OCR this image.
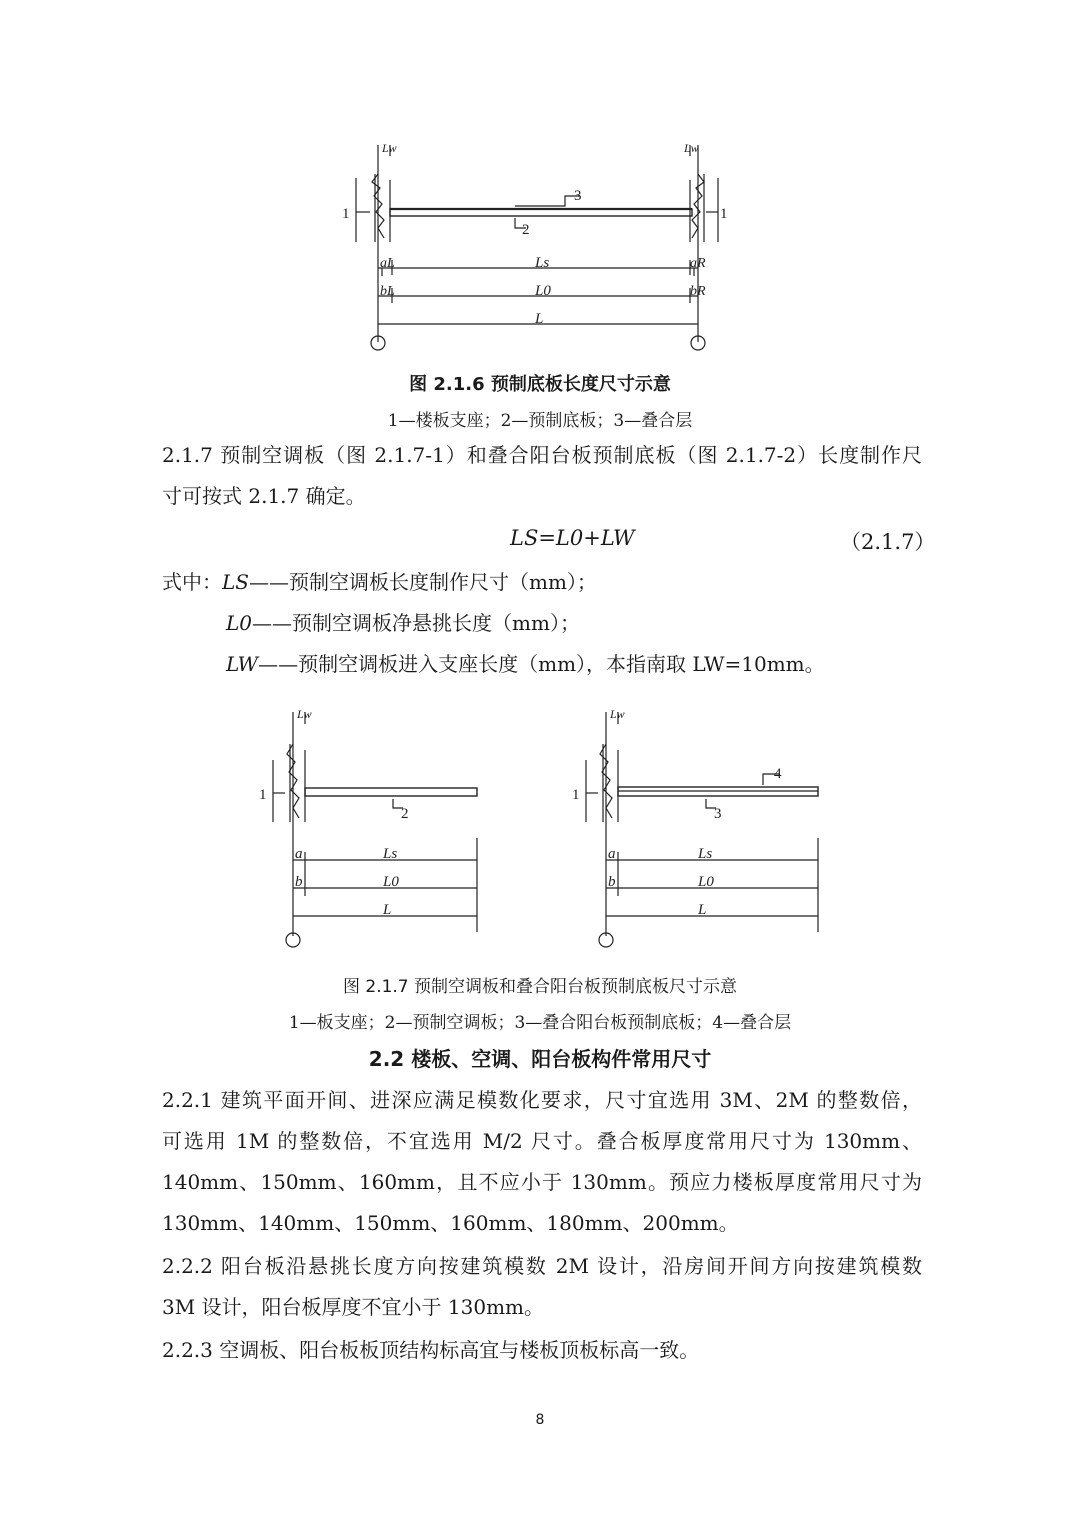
Lw	Lw
1	1
3
2
aL	aR
Ls
bL	bR
L0
L
图 2.1.6 预制底板长度尺寸示意
1—楼板支座；2—预制底板；3—叠合层
2.1.7 预制空调板（图 2.1.7-1）和叠合阳台板预制底板（图 2.1.7-2）长度制作尺
寸可按式 2.1.7 确定。
LS=L0+LW	（2.1.7）
式中：LS——预制空调板长度制作尺寸（mm）；
L0——预制空调板净悬挑长度（mm）；
LW——预制空调板进入支座长度（mm），本指南取 LW=10mm。
Lw
1
2
a	Ls
b	L0
L
Lw
1
4
3
a	Ls
b	L0
L
图 2.1.7 预制空调板和叠合阳台板预制底板尺寸示意
1—板支座；2—预制空调板；3—叠合阳台板预制底板；4—叠合层
2.2 楼板、空调、阳台板构件常用尺寸
2.2.1 建筑平面开间、进深应满足模数化要求，尺寸宜选用 3M、2M 的整数倍，
可选用 1M 的整数倍，不宜选用 M/2 尺寸。叠合板厚度常用尺寸为 130mm、
140mm、150mm、160mm，且不应小于 130mm。预应力楼板厚度常用尺寸为
130mm、140mm、150mm、160mm、180mm、200mm。
2.2.2 阳台板沿悬挑长度方向按建筑模数 2M 设计，沿房间开间方向按建筑模数
3M 设计，阳台板厚度不宜小于 130mm。
2.2.3 空调板、阳台板板顶结构标高宜与楼板顶板标高一致。
8
